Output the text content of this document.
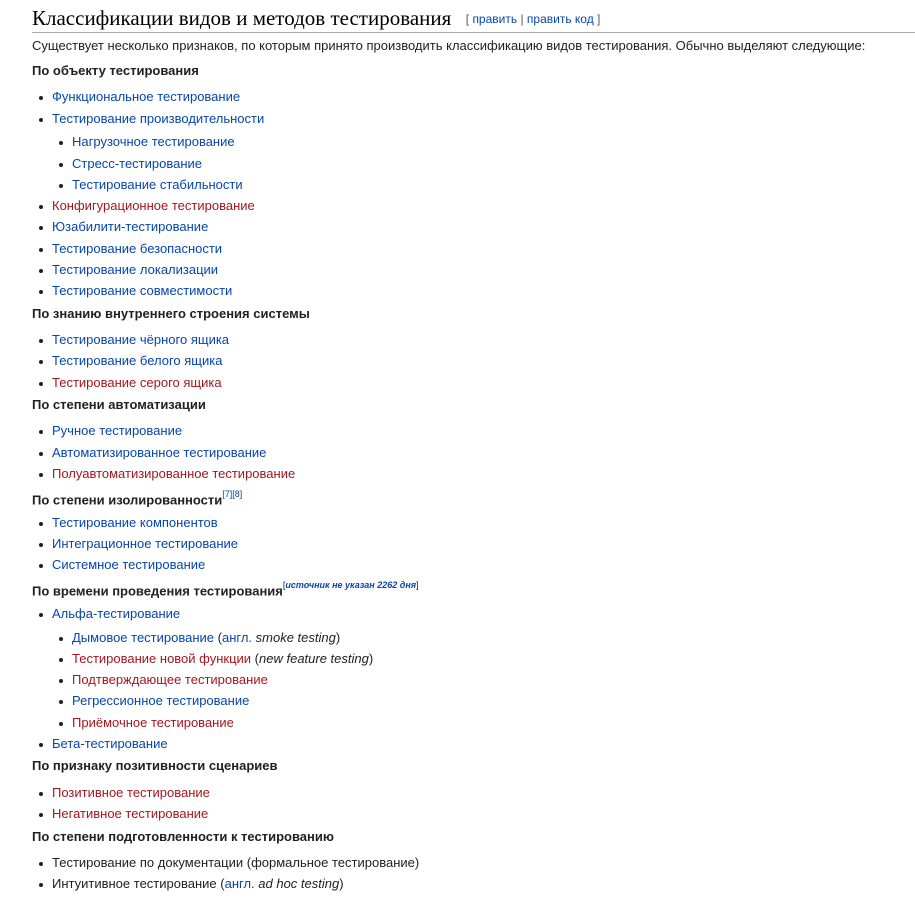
Классификации видов и методов тестирования [ править | править код ]
Существует несколько признаков, по которым принято производить классификацию видов тестирования. Обычно выделяют следующие:
По объекту тестирования
Функциональное тестирование
Тестирование производительности
Нагрузочное тестирование
Стресс-тестирование
Тестирование стабильности
Конфигурационное тестирование
Юзабилити-тестирование
Тестирование безопасности
Тестирование локализации
Тестирование совместимости
По знанию внутреннего строения системы
Тестирование чёрного ящика
Тестирование белого ящика
Тестирование серого ящика
По степени автоматизации
Ручное тестирование
Автоматизированное тестирование
Полуавтоматизированное тестирование
По степени изолированности[7][8]
Тестирование компонентов
Интеграционное тестирование
Системное тестирование
По времени проведения тестирования[источник не указан 2262 дня]
Альфа-тестирование
Дымовое тестирование (англ. smoke testing)
Тестирование новой функции (new feature testing)
Подтверждающее тестирование
Регрессионное тестирование
Приёмочное тестирование
Бета-тестирование
По признаку позитивности сценариев
Позитивное тестирование
Негативное тестирование
По степени подготовленности к тестированию
Тестирование по документации (формальное тестирование)
Интуитивное тестирование (англ. ad hoc testing)
